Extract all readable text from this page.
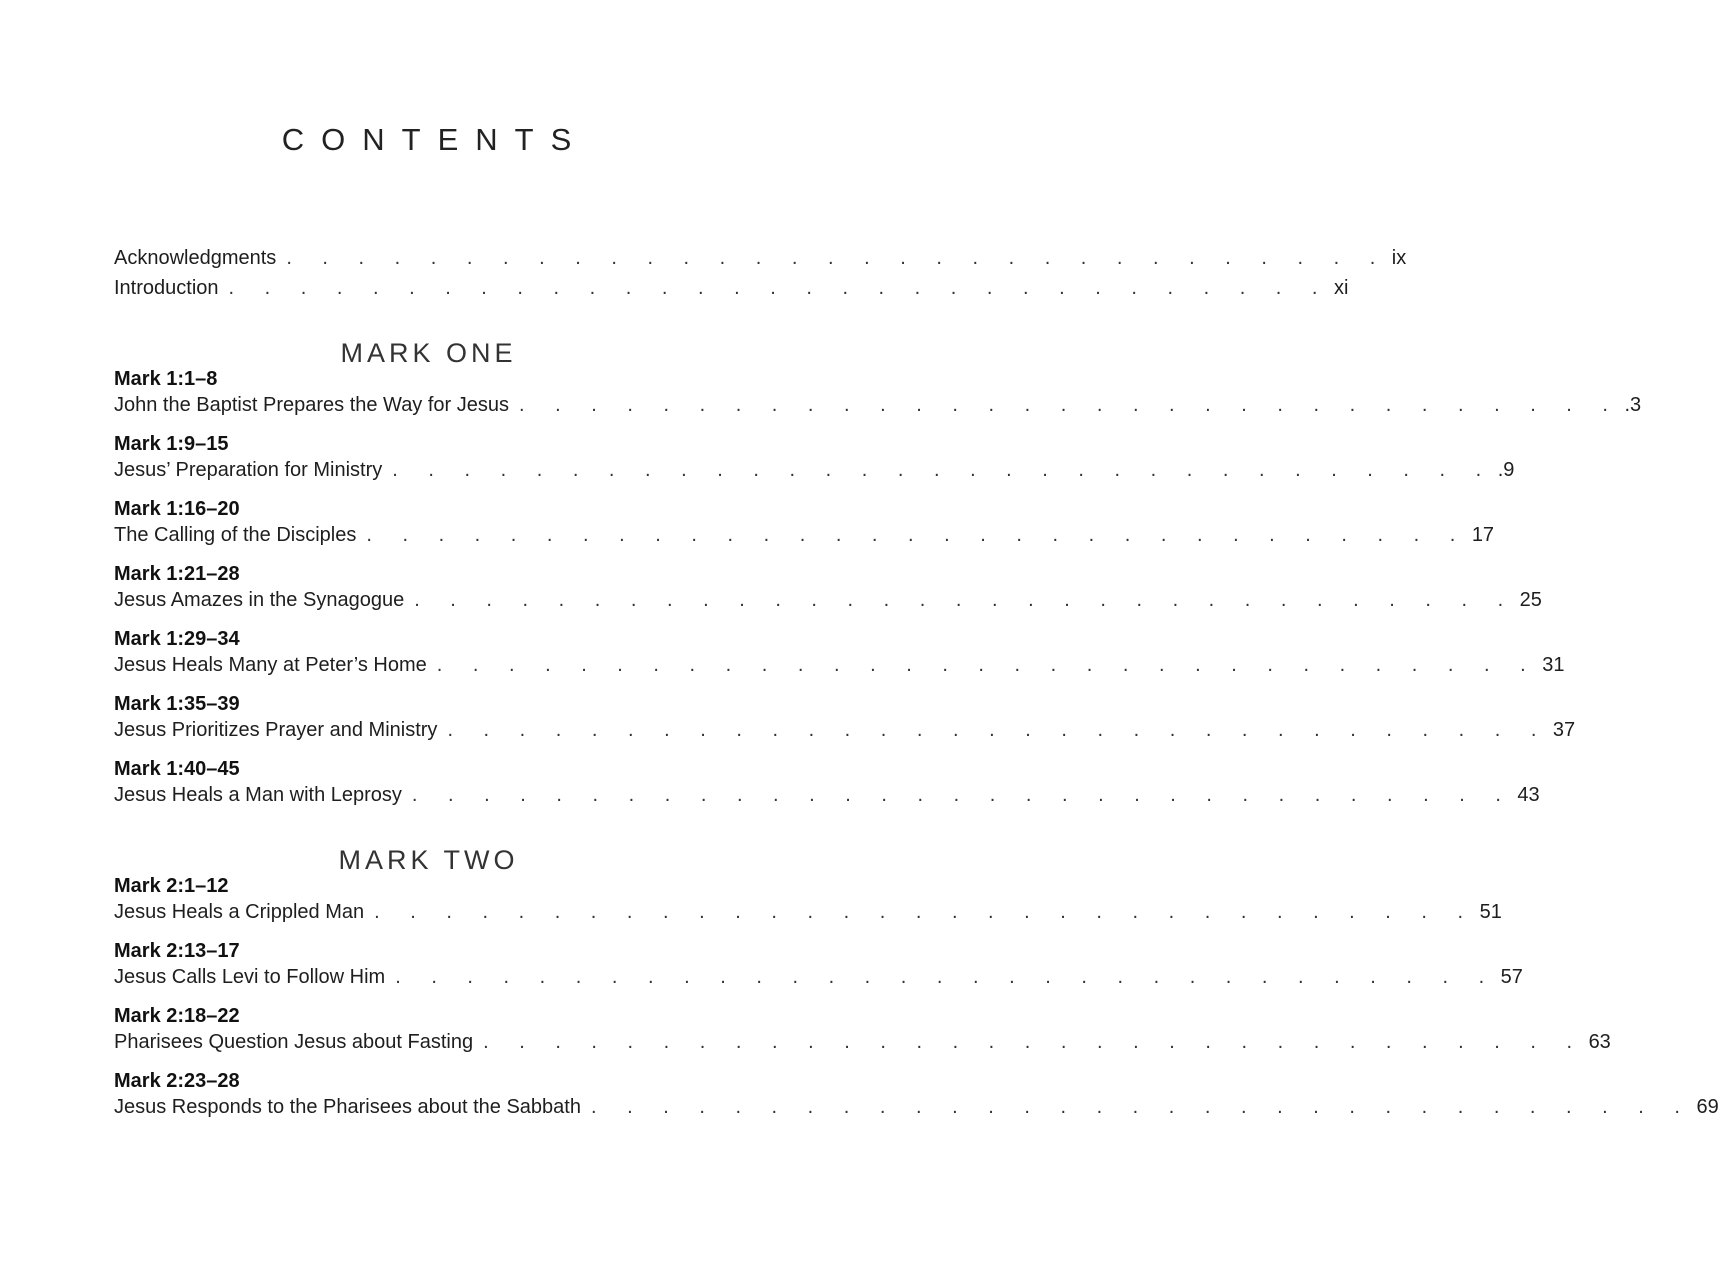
CONTENTS
Acknowledgments . . . . . . . . . . . . . . . . . . . . . . . . . . . . . . . ix
Introduction . . . . . . . . . . . . . . . . . . . . . . . . . . . . . . . xi
MARK ONE
Mark 1:1–8
John the Baptist Prepares the Way for Jesus . . . . . . . . . . . . . . . . . . . . . . . . . . . . . . . .3
Mark 1:9–15
Jesus’ Preparation for Ministry . . . . . . . . . . . . . . . . . . . . . . . . . . . . . . . .9
Mark 1:16–20
The Calling of the Disciples . . . . . . . . . . . . . . . . . . . . . . . . . . . . . . . 17
Mark 1:21–28
Jesus Amazes in the Synagogue . . . . . . . . . . . . . . . . . . . . . . . . . . . . . . . 25
Mark 1:29–34
Jesus Heals Many at Peter’s Home . . . . . . . . . . . . . . . . . . . . . . . . . . . . . . . 31
Mark 1:35–39
Jesus Prioritizes Prayer and Ministry . . . . . . . . . . . . . . . . . . . . . . . . . . . . . . . 37
Mark 1:40–45
Jesus Heals a Man with Leprosy . . . . . . . . . . . . . . . . . . . . . . . . . . . . . . . 43
MARK TWO
Mark 2:1–12
Jesus Heals a Crippled Man . . . . . . . . . . . . . . . . . . . . . . . . . . . . . . . 51
Mark 2:13–17
Jesus Calls Levi to Follow Him . . . . . . . . . . . . . . . . . . . . . . . . . . . . . . . 57
Mark 2:18–22
Pharisees Question Jesus about Fasting . . . . . . . . . . . . . . . . . . . . . . . . . . . . . . . 63
Mark 2:23–28
Jesus Responds to the Pharisees about the Sabbath . . . . . . . . . . . . . . . . . . . . . . . . . . . . . . . 69
